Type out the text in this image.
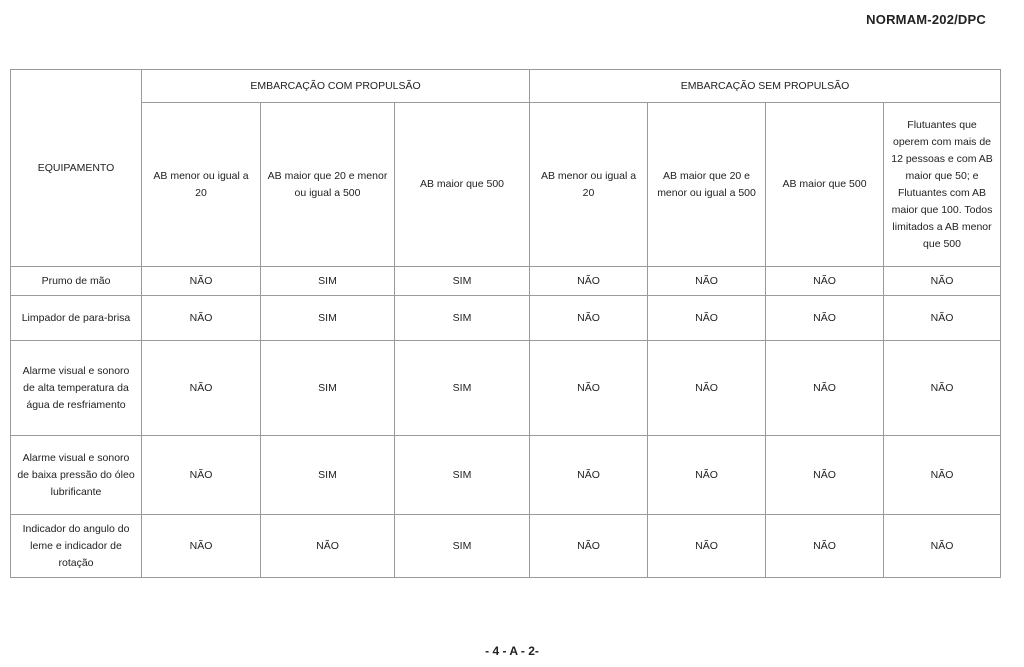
NORMAM-202/DPC
EQUIPAMENTO	EMBARCAÇÃO COM PROPULSÃO			EMBARCAÇÃO SEM PROPULSÃO			
	AB menor ou igual a 20	AB maior que 20 e menor ou igual a 500	AB maior que 500	AB menor ou igual a 20	AB maior que 20 e menor ou igual a 500	AB maior que 500	Flutuantes que operem com mais de 12 pessoas e com AB maior que 50; e Flutuantes com AB maior que 100. Todos limitados a AB menor que 500
Prumo de mão	NÃO	SIM	SIM	NÃO	NÃO	NÃO	NÃO
Limpador de para-brisa	NÃO	SIM	SIM	NÃO	NÃO	NÃO	NÃO
Alarme visual e sonoro de alta temperatura da água de resfriamento	NÃO	SIM	SIM	NÃO	NÃO	NÃO	NÃO
Alarme visual e sonoro de baixa pressão do óleo lubrificante	NÃO	SIM	SIM	NÃO	NÃO	NÃO	NÃO
Indicador do angulo do leme e indicador de rotação	NÃO	NÃO	SIM	NÃO	NÃO	NÃO	NÃO
- 4 - A - 2-
